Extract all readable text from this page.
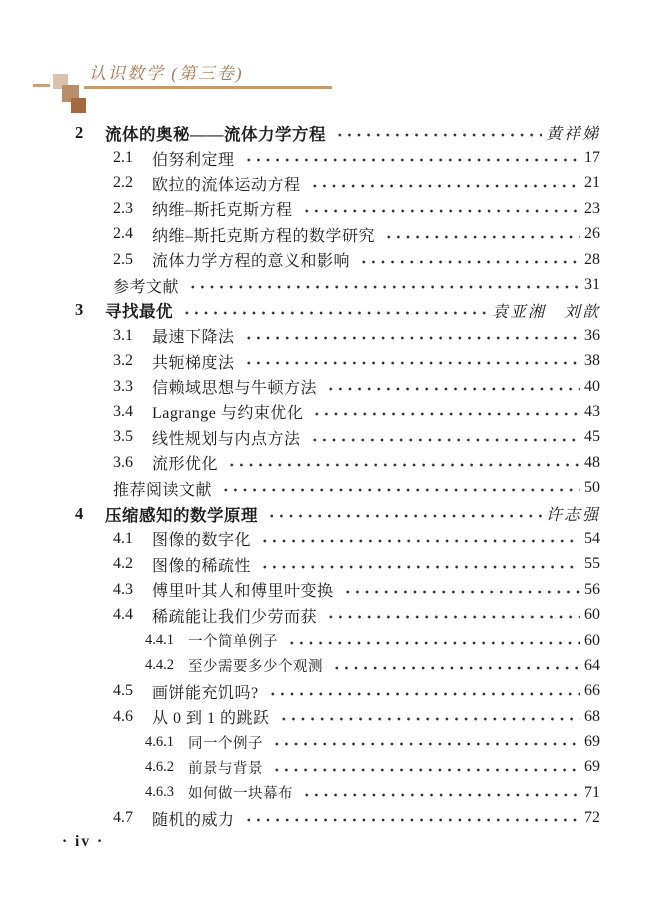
认识数学 (第三卷)
2	流体的奥秘——流体力学方程	黄祥娣
2.1	伯努利定理	17
2.2	欧拉的流体运动方程	21
2.3	纳维–斯托克斯方程	23
2.4	纳维–斯托克斯方程的数学研究	26
2.5	流体力学方程的意义和影响	28
参考文献	31
3	寻找最优	袁亚湘　刘歆
3.1	最速下降法	36
3.2	共轭梯度法	38
3.3	信赖域思想与牛顿方法	40
3.4	Lagrange 与约束优化	43
3.5	线性规划与内点方法	45
3.6	流形优化	48
推荐阅读文献	50
4	压缩感知的数学原理	许志强
4.1	图像的数字化	54
4.2	图像的稀疏性	55
4.3	傅里叶其人和傅里叶变换	56
4.4	稀疏能让我们少劳而获	60
4.4.1 一个简单例子	60
4.4.2 至少需要多少个观测	64
4.5	画饼能充饥吗?	66
4.6	从 0 到 1 的跳跃	68
4.6.1 同一个例子	69
4.6.2 前景与背景	69
4.6.3 如何做一块幕布	71
4.7	随机的威力	72
· iv ·
